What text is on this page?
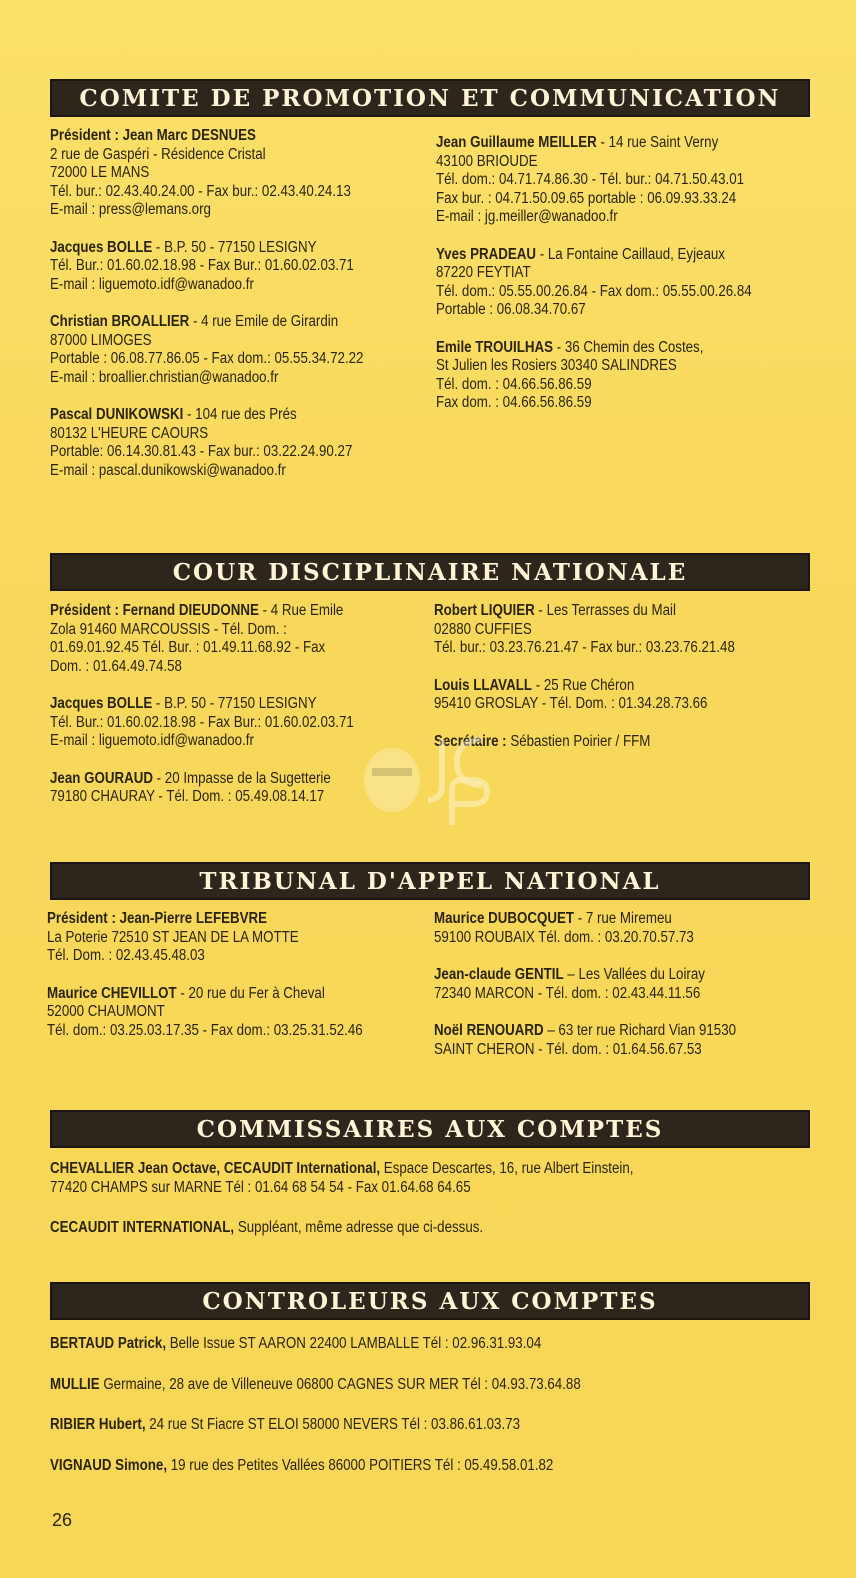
COMITE DE PROMOTION ET COMMUNICATION
Président : Jean Marc DESNUES
2 rue de Gaspéri - Résidence Cristal
72000 LE MANS
Tél. bur.: 02.43.40.24.00 - Fax bur.: 02.43.40.24.13
E-mail : press@lemans.org
Jacques BOLLE - B.P. 50 - 77150 LESIGNY
Tél. Bur.: 01.60.02.18.98 - Fax Bur.: 01.60.02.03.71
E-mail : liguemoto.idf@wanadoo.fr
Christian BROALLIER - 4 rue Emile de Girardin
87000 LIMOGES
Portable : 06.08.77.86.05 - Fax dom.: 05.55.34.72.22
E-mail : broallier.christian@wanadoo.fr
Pascal DUNIKOWSKI - 104 rue des Prés
80132 L'HEURE CAOURS
Portable: 06.14.30.81.43 - Fax bur.: 03.22.24.90.27
E-mail : pascal.dunikowski@wanadoo.fr
Jean Guillaume MEILLER - 14 rue Saint Verny
43100 BRIOUDE
Tél. dom.: 04.71.74.86.30 - Tél. bur.: 04.71.50.43.01
Fax bur. : 04.71.50.09.65 portable : 06.09.93.33.24
E-mail : jg.meiller@wanadoo.fr
Yves PRADEAU - La Fontaine Caillaud, Eyjeaux
87220 FEYTIAT
Tél. dom.: 05.55.00.26.84 - Fax dom.: 05.55.00.26.84
Portable : 06.08.34.70.67
Emile TROUILHAS - 36 Chemin des Costes,
St Julien les Rosiers 30340 SALINDRES
Tél. dom. : 04.66.56.86.59
Fax dom. : 04.66.56.86.59
COUR DISCIPLINAIRE NATIONALE
Président : Fernand DIEUDONNE - 4 Rue Emile
Zola 91460 MARCOUSSIS - Tél. Dom. :
01.69.01.92.45 Tél. Bur. : 01.49.11.68.92 - Fax
Dom. : 01.64.49.74.58
Jacques BOLLE - B.P. 50 - 77150 LESIGNY
Tél. Bur.: 01.60.02.18.98 - Fax Bur.: 01.60.02.03.71
E-mail : liguemoto.idf@wanadoo.fr
Jean GOURAUD - 20 Impasse de la Sugetterie
79180 CHAURAY - Tél. Dom. : 05.49.08.14.17
Robert LIQUIER - Les Terrasses du Mail
02880 CUFFIES
Tél. bur.: 03.23.76.21.47 - Fax bur.: 03.23.76.21.48
Louis LLAVALL - 25 Rue Chéron
95410 GROSLAY - Tél. Dom. : 01.34.28.73.66
Secrétaire : Sébastien Poirier / FFM
TRIBUNAL D'APPEL NATIONAL
Président : Jean-Pierre LEFEBVRE
La Poterie 72510 ST JEAN DE LA MOTTE
Tél. Dom. : 02.43.45.48.03
Maurice CHEVILLOT - 20 rue du Fer à Cheval
52000 CHAUMONT
Tél. dom.: 03.25.03.17.35 - Fax dom.: 03.25.31.52.46
Maurice DUBOCQUET - 7 rue Miremeu
59100 ROUBAIX Tél. dom. : 03.20.70.57.73
Jean-claude GENTIL – Les Vallées du Loiray
72340 MARCON - Tél. dom. : 02.43.44.11.56
Noël RENOUARD – 63 ter rue Richard Vian 91530
SAINT CHERON - Tél. dom. : 01.64.56.67.53
COMMISSAIRES AUX COMPTES
CHEVALLIER Jean Octave, CECAUDIT International, Espace Descartes, 16, rue Albert Einstein,
77420 CHAMPS sur MARNE Tél : 01.64 68 54 54 - Fax 01.64.68 64.65
CECAUDIT INTERNATIONAL, Suppléant, même adresse que ci-dessus.
CONTROLEURS AUX COMPTES
BERTAUD Patrick, Belle Issue ST AARON 22400 LAMBALLE Tél : 02.96.31.93.04
MULLIE Germaine, 28 ave de Villeneuve 06800 CAGNES SUR MER Tél : 04.93.73.64.88
RIBIER Hubert, 24 rue St Fiacre ST ELOI 58000 NEVERS Tél : 03.86.61.03.73
VIGNAUD Simone, 19 rue des Petites Vallées 86000 POITIERS Tél : 05.49.58.01.82
26
